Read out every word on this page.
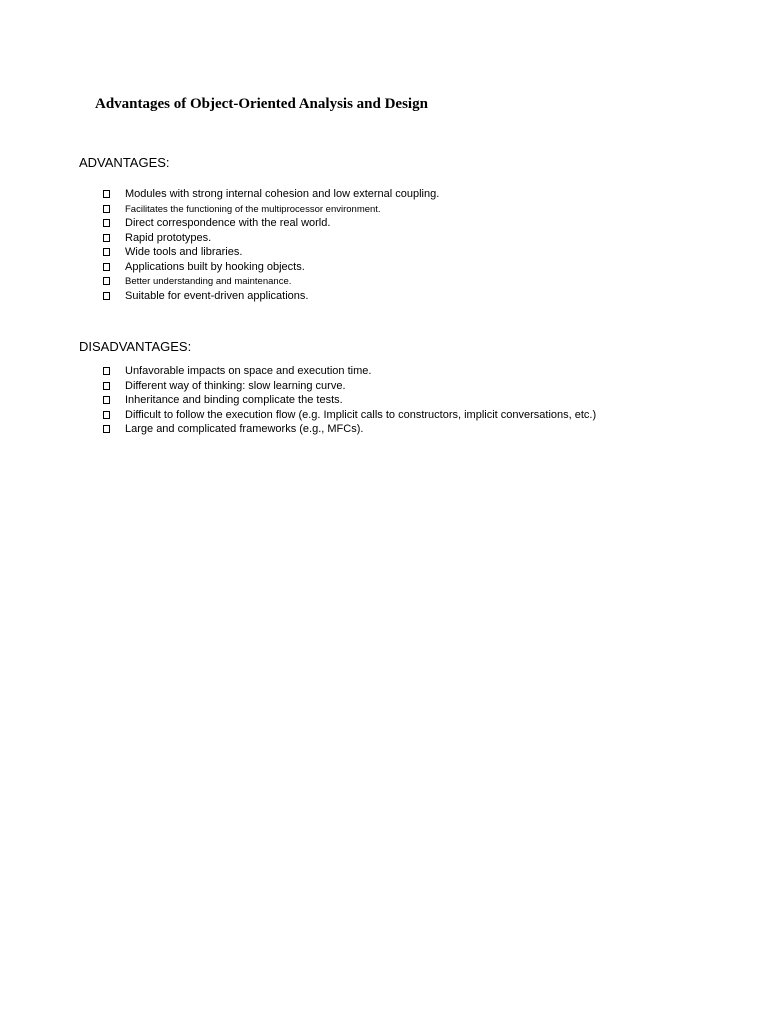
Advantages of Object-Oriented Analysis and Design
ADVANTAGES:
Modules with strong internal cohesion and low external coupling.
Facilitates the functioning of the multiprocessor environment.
Direct correspondence with the real world.
Rapid prototypes.
Wide tools and libraries.
Applications built by hooking objects.
Better understanding and maintenance.
Suitable for event-driven applications.
DISADVANTAGES:
Unfavorable impacts on space and execution time.
Different way of thinking: slow learning curve.
Inheritance and binding complicate the tests.
Difficult to follow the execution flow (e.g. Implicit calls to constructors, implicit conversations, etc.)
Large and complicated frameworks (e.g., MFCs).
